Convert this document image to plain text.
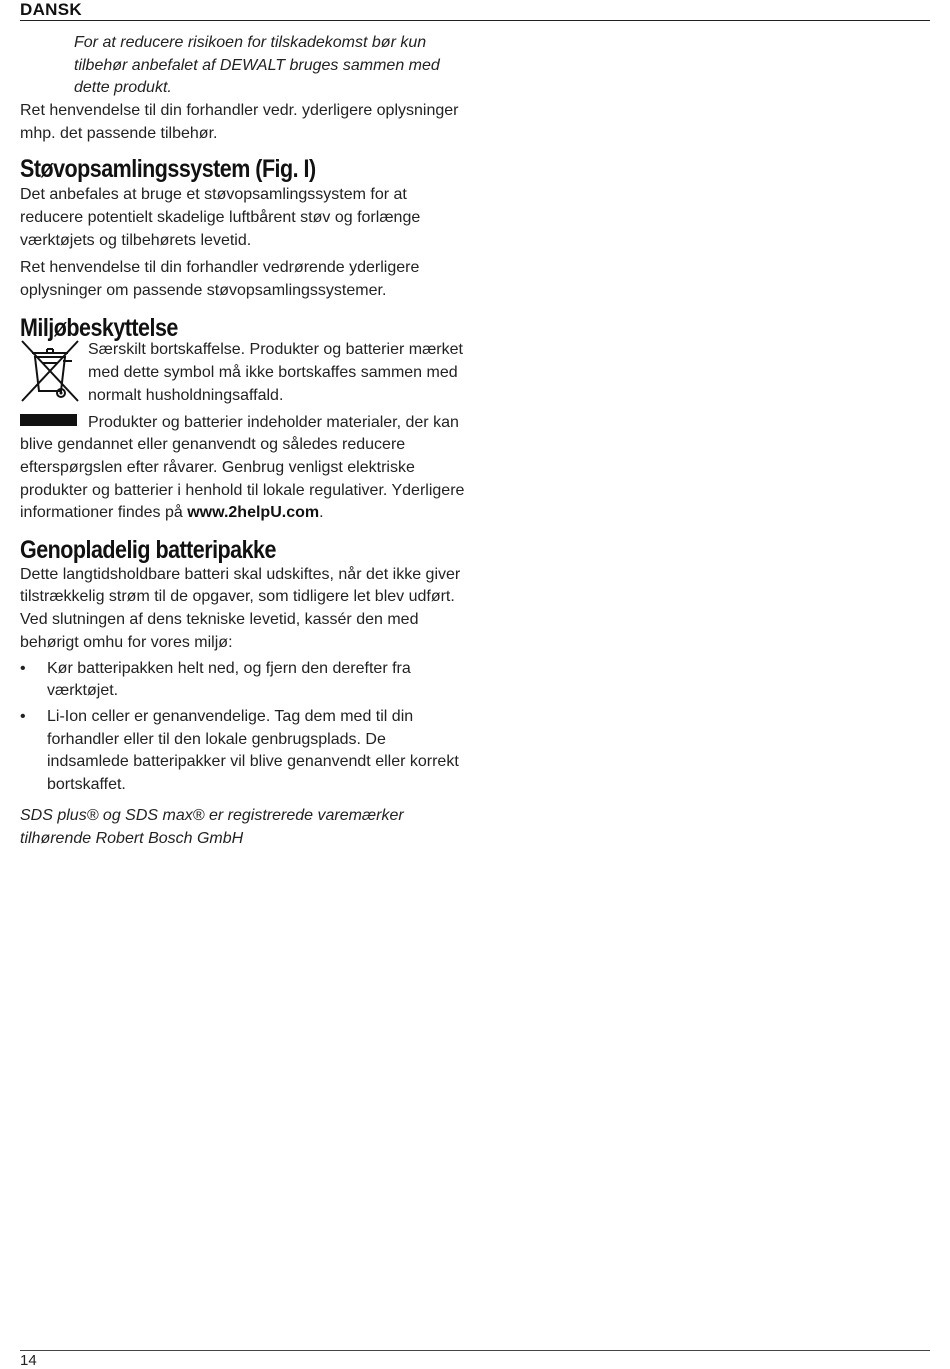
DANSK

For at reducere risikoen for tilskadekomst bør kun tilbehør anbefalet af DEWALT bruges sammen med dette produkt.

Ret henvendelse til din forhandler vedr. yderligere oplysninger mhp. det passende tilbehør.

Støvopsamlingssystem (Fig. I)

Det anbefales at bruge et støvopsamlingssystem for at reducere potentielt skadelige luftbårent støv og forlænge værktøjets og tilbehørets levetid.

Ret henvendelse til din forhandler vedrørende yderligere oplysninger om passende støvopsamlingssystemer.

Miljøbeskyttelse

Særskilt bortskaffelse. Produkter og batterier mærket med dette symbol må ikke bortskaffes sammen med normalt husholdningsaffald.

Produkter og batterier indeholder materialer, der kan blive gendannet eller genanvendt og således reducere efterspørgslen efter råvarer. Genbrug venligst elektriske produkter og batterier i henhold til lokale regulativer. Yderligere informationer findes på www.2helpU.com.

Genopladelig batteripakke

Dette langtidsholdbare batteri skal udskiftes, når det ikke giver tilstrækkelig strøm til de opgaver, som tidligere let blev udført. Ved slutningen af dens tekniske levetid, kassér den med behørigt omhu for vores miljø:

• Kør batteripakken helt ned, og fjern den derefter fra værktøjet.
• Li-Ion celler er genanvendelige. Tag dem med til din forhandler eller til den lokale genbrugsplads. De indsamlede batteripakker vil blive genanvendt eller korrekt bortskaffet.

SDS plus® og SDS max® er registrerede varemærker tilhørende Robert Bosch GmbH

14
